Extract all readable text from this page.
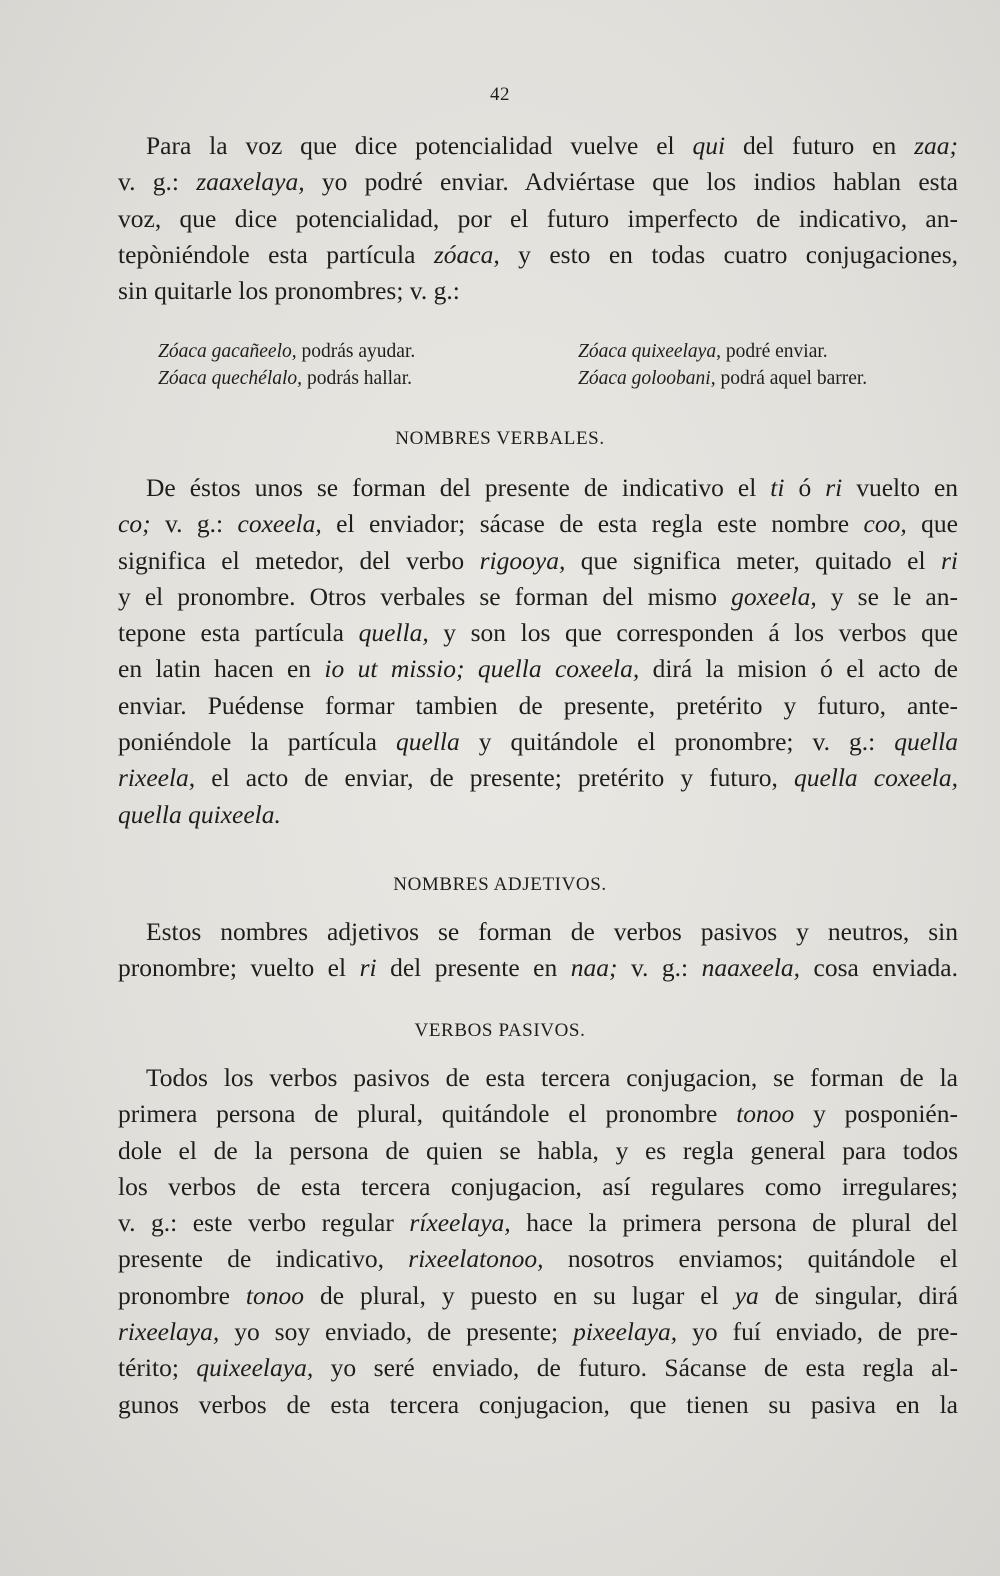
42

Para la voz que dice potencialidad vuelve el qui del futuro en zaa;
v. g.: zaaxelaya, yo podré enviar. Adviértase que los indios hablan esta
voz, que dice potencialidad, por el futuro imperfecto de indicativo, an-
tepòniéndole esta partícula zóaca, y esto en todas cuatro conjugaciones,
sin quitarle los pronombres; v. g.:

Zóaca gacañeelo, podrás ayudar.
Zóaca quechélalo, podrás hallar.
Zóaca quixeelaya, podré enviar.
Zóaca goloobani, podrá aquel barrer.
NOMBRES VERBALES.

De éstos unos se forman del presente de indicativo el ti ó ri vuelto en
co; v. g.: coxeela, el enviador; sácase de esta regla este nombre coo, que
significa el metedor, del verbo rigooya, que significa meter, quitado el ri
y el pronombre. Otros verbales se forman del mismo goxeela, y se le an-
tepone esta partícula quella, y son los que corresponden á los verbos que
en latin hacen en io ut missio; quella coxeela, dirá la mision ó el acto de
enviar. Puédense formar tambien de presente, pretérito y futuro, ante-
poniéndole la partícula quella y quitándole el pronombre; v. g.: quella
rixeela, el acto de enviar, de presente; pretérito y futuro, quella coxeela,
quella quixeela.

NOMBRES ADJETIVOS.

Estos nombres adjetivos se forman de verbos pasivos y neutros, sin
pronombre; vuelto el ri del presente en naa; v. g.: naaxeela, cosa enviada.

VERBOS PASIVOS.

Todos los verbos pasivos de esta tercera conjugacion, se forman de la
primera persona de plural, quitándole el pronombre tonoo y posponién-
dole el de la persona de quien se habla, y es regla general para todos
los verbos de esta tercera conjugacion, así regulares como irregulares;
v. g.: este verbo regular ríxeelaya, hace la primera persona de plural del
presente de indicativo, rixeelatonoo, nosotros enviamos; quitándole el
pronombre tonoo de plural, y puesto en su lugar el ya de singular, dirá
rixeelaya, yo soy enviado, de presente; pixeelaya, yo fuí enviado, de pre-
térito; quixeelaya, yo seré enviado, de futuro. Sácanse de esta regla al-
gunos verbos de esta tercera conjugacion, que tienen su pasiva en la
